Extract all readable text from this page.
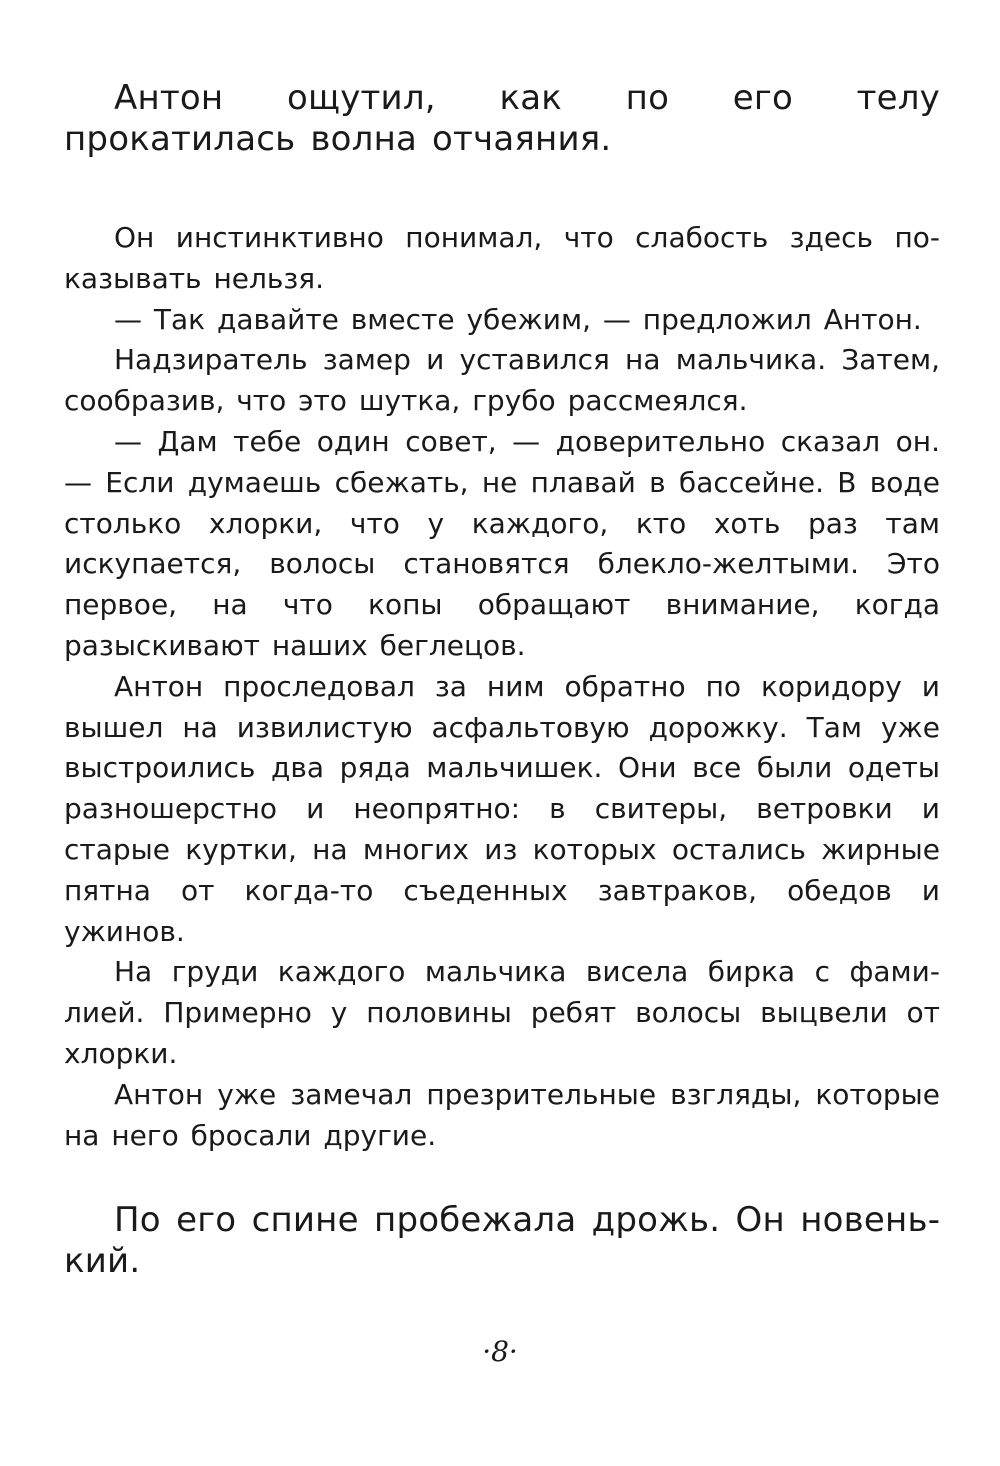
Антон ощутил, как по его телу прокатилась волна отчаяния.

Он инстинктивно понимал, что слабость здесь показывать нельзя.

— Так давайте вместе убежим, — предложил Антон.

Надзиратель замер и уставился на мальчика. Затем, сообразив, что это шутка, грубо рассмеялся.

— Дам тебе один совет, — доверительно сказал он. — Если думаешь сбежать, не плавай в бассейне. В воде столько хлорки, что у каждого, кто хоть раз там искупается, волосы становятся блекло-желтыми. Это первое, на что копы обращают внимание, когда разыскивают наших беглецов.

Антон проследовал за ним обратно по коридору и вышел на извилистую асфальтовую дорожку. Там уже выстроились два ряда мальчишек. Они все были одеты разношерстно и неопрятно: в свитеры, ветровки и старые куртки, на многих из которых остались жирные пятна от когда-то съеденных завтраков, обедов и ужинов.

На груди каждого мальчика висела бирка с фамилией. Примерно у половины ребят волосы выцвели от хлорки.

Антон уже замечал презрительные взгляды, которые на него бросали другие.

По его спине пробежала дрожь. Он новенький.

·8·
